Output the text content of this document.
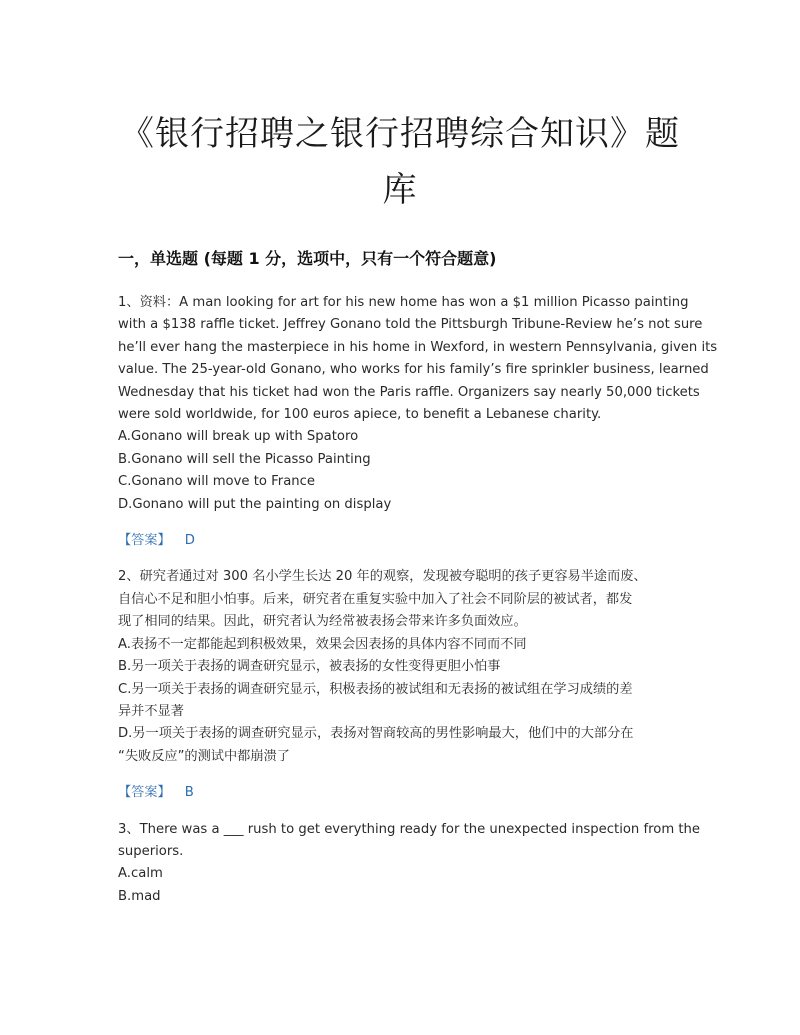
《银行招聘之银行招聘综合知识》题
库
一，单选题 (每题 1 分，选项中，只有一个符合题意)
1、资料：A man looking for art for his new home has won a $1 million Picasso painting
with a $138 raffle ticket. Jeffrey Gonano told the Pittsburgh Tribune-Review he’s not sure
he’ll ever hang the masterpiece in his home in Wexford, in western Pennsylvania, given its
value. The 25-year-old Gonano, who works for his family’s fire sprinkler business, learned
Wednesday that his ticket had won the Paris raffle. Organizers say nearly 50,000 tickets
were sold worldwide, for 100 euros apiece, to benefit a Lebanese charity.
A.Gonano will break up with Spatoro
B.Gonano will sell the Picasso Painting
C.Gonano will move to France
D.Gonano will put the painting on display
【答案】 D
2、研究者通过对 300 名小学生长达 20 年的观察，发现被夸聪明的孩子更容易半途而废、
自信心不足和胆小怕事。后来，研究者在重复实验中加入了社会不同阶层的被试者，都发
现了相同的结果。因此，研究者认为经常被表扬会带来许多负面效应。
A.表扬不一定都能起到积极效果，效果会因表扬的具体内容不同而不同
B.另一项关于表扬的调查研究显示，被表扬的女性变得更胆小怕事
C.另一项关于表扬的调查研究显示，积极表扬的被试组和无表扬的被试组在学习成绩的差
异并不显著
D.另一项关于表扬的调查研究显示，表扬对智商较高的男性影响最大，他们中的大部分在
“失败反应”的测试中都崩溃了
【答案】 B
3、There was a ___ rush to get everything ready for the unexpected inspection from the
superiors.
A.calm
B.mad
